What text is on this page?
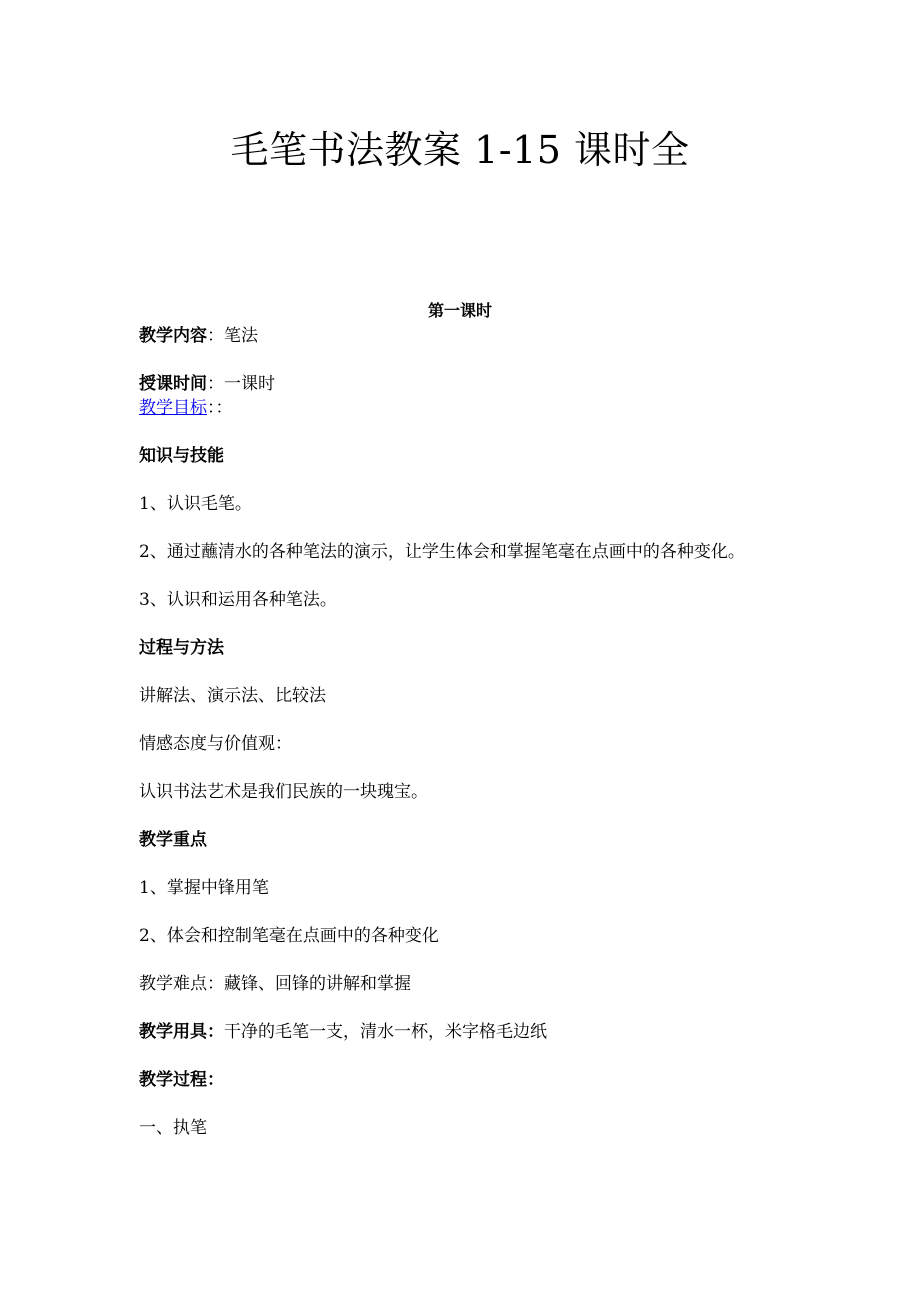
毛笔书法教案 1-15 课时全
第一课时
教学内容：笔法
授课时间：一课时
教学目标：：
知识与技能
1、认识毛笔。
2、通过蘸清水的各种笔法的演示，让学生体会和掌握笔毫在点画中的各种变化。
3、认识和运用各种笔法。
过程与方法
讲解法、演示法、比较法
情感态度与价值观：
认识书法艺术是我们民族的一块瑰宝。
教学重点
1、掌握中锋用笔
2、体会和控制笔毫在点画中的各种变化
教学难点：藏锋、回锋的讲解和掌握
教学用具：干净的毛笔一支，清水一杯，米字格毛边纸
教学过程：
一、执笔
